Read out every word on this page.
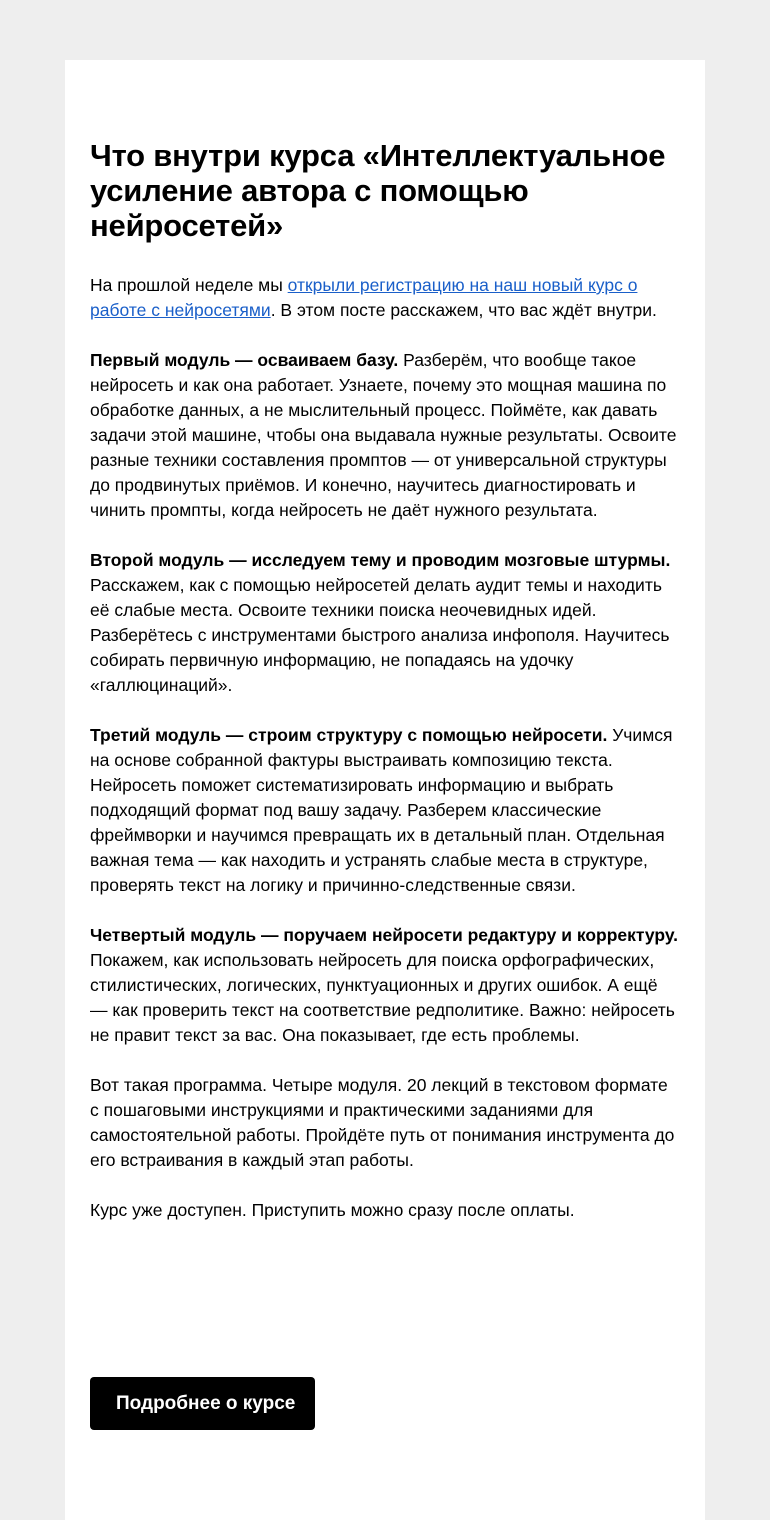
Что внутри курса «Интеллектуальное усиление автора с помощью нейросетей»

На прошлой неделе мы открыли регистрацию на наш новый курс о работе с нейросетями. В этом посте расскажем, что вас ждёт внутри.

Первый модуль — осваиваем базу. Разберём, что вообще такое нейросеть и как она работает. Узнаете, почему это мощная машина по обработке данных, а не мыслительный процесс. Поймёте, как давать задачи этой машине, чтобы она выдавала нужные результаты. Освоите разные техники составления промптов — от универсальной структуры до продвинутых приёмов. И конечно, научитесь диагностировать и чинить промпты, когда нейросеть не даёт нужного результата.

Второй модуль — исследуем тему и проводим мозговые штурмы. Расскажем, как с помощью нейросетей делать аудит темы и находить её слабые места. Освоите техники поиска неочевидных идей. Разберётесь с инструментами быстрого анализа инфополя. Научитесь собирать первичную информацию, не попадаясь на удочку «галлюцинаций».

Третий модуль — строим структуру с помощью нейросети. Учимся на основе собранной фактуры выстраивать композицию текста. Нейросеть поможет систематизировать информацию и выбрать подходящий формат под вашу задачу. Разберем классические фреймворки и научимся превращать их в детальный план. Отдельная важная тема — как находить и устранять слабые места в структуре, проверять текст на логику и причинно-следственные связи.

Четвертый модуль — поручаем нейросети редактуру и корректуру. Покажем, как использовать нейросеть для поиска орфографических, стилистических, логических, пунктуационных и других ошибок. А ещё — как проверить текст на соответствие редполитике. Важно: нейросеть не правит текст за вас. Она показывает, где есть проблемы.

Вот такая программа. Четыре модуля. 20 лекций в текстовом формате с пошаговыми инструкциями и практическими заданиями для самостоятельной работы. Пройдёте путь от понимания инструмента до его встраивания в каждый этап работы.

Курс уже доступен. Приступить можно сразу после оплаты.

Подробнее о курсе
